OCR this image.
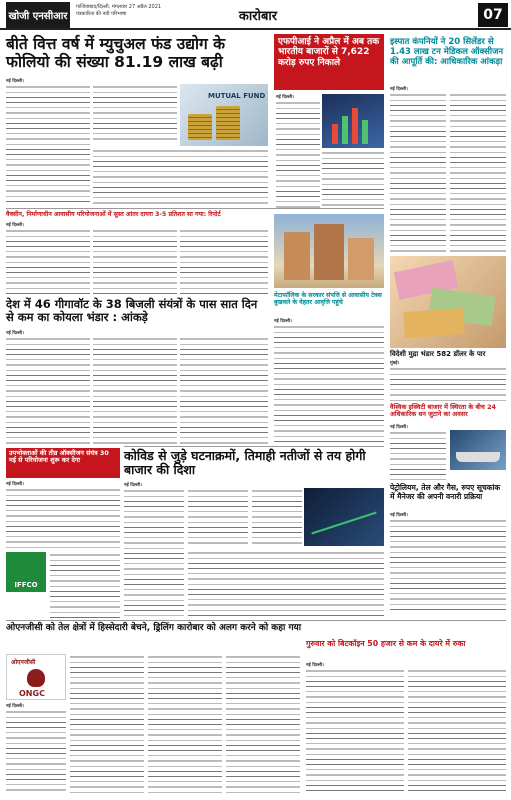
खोजी एनसीआर
गाजियाबाद/दिल्ली, मंगलवार 27 अप्रैल 2021
पत्रकारिता की नयी परिभाषा	कारोबार	07
बीते वित्त वर्ष में म्युचुअल फंड उद्योग के फोलियो की संख्या 81.19 लाख बढ़ी
नई दिल्ली।
MUTUAL FUND
एफपीआई ने अप्रैल में अब तक भारतीय बाजारों से 7,622 करोड़ रुपए निकाले
नई दिल्ली।
इस्पात कंपनियों ने 20 सिलेंडर से 1.43 लाख टन मेडिकल ऑक्सीजन की आपूर्ति की: आधिकारिक आंकड़ा
नई दिल्ली।
वैक्सीन, निर्माणाधीन आवासीय परियोजनाओं में सुस्त आंतर दायरा 3-5 प्रतिशत सा गया: रिपोर्ट
नई दिल्ली।
देश में 46 गीगावॉट के 38 बिजली संयंत्रों के पास सात दिन से कम का कोयला भंडार : आंकड़े
नई दिल्ली।
मेटाफॉलिक के सरकार संपत्ति से आवासीय टेक्स बुखवले के वेहतर आवृत्ति पहुंचे
नई दिल्ली।
विदेशी मुद्रा भंडार 582 डॉलर के पार
मुंबई।
वैश्विक इक्विटी बाजार में स्थिरता के बीच 24 अधिकारिक धन जुटाने का अवसर
नई दिल्ली।
कोविड से जुड़े घटनाक्रमों, तिमाही नतीजों से तय होगी बाजार की दिशा
नई दिल्ली।
उपभोक्ताओं की तीव्र ऑक्सीजन संयंत्र 30 मई से परियोजना शुरू कर देगा
नई दिल्ली।
IFFCO
पेट्रोलियम, तेल और गैस, रुपए सूचकांक में मैनेजर की अपनी वनारी प्रक्रिया
नई दिल्ली।
ओएनजीसी को तेल क्षेत्रों में हिस्सेदारी बेचने, ड्रिलिंग कारोबार को अलग करने को कहा गया
ओएनजीसी
ONGC
नई दिल्ली।
गुरुवार को बिटकॉइन 50 हजार से कम के दायरे में रुका
नई दिल्ली।
